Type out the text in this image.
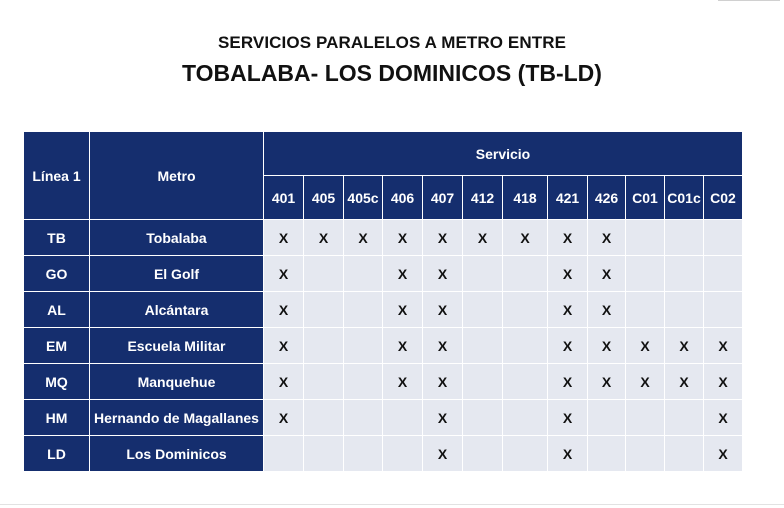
SERVICIOS PARALELOS A METRO ENTRE
TOBALABA- LOS DOMINICOS (TB-LD)
Línea 1	Metro	Servicio											
		401	405	405c	406	407	412	418	421	426	C01	C01c	C02
TB	Tobalaba	X	X	X	X	X	X	X	X	X			
GO	El Golf	X			X	X			X	X			
AL	Alcántara	X			X	X			X	X			
EM	Escuela Militar	X			X	X			X	X	X	X	X
MQ	Manquehue	X			X	X			X	X	X	X	X
HM	Hernando de Magallanes	X				X			X				X
LD	Los Dominicos					X			X				X
